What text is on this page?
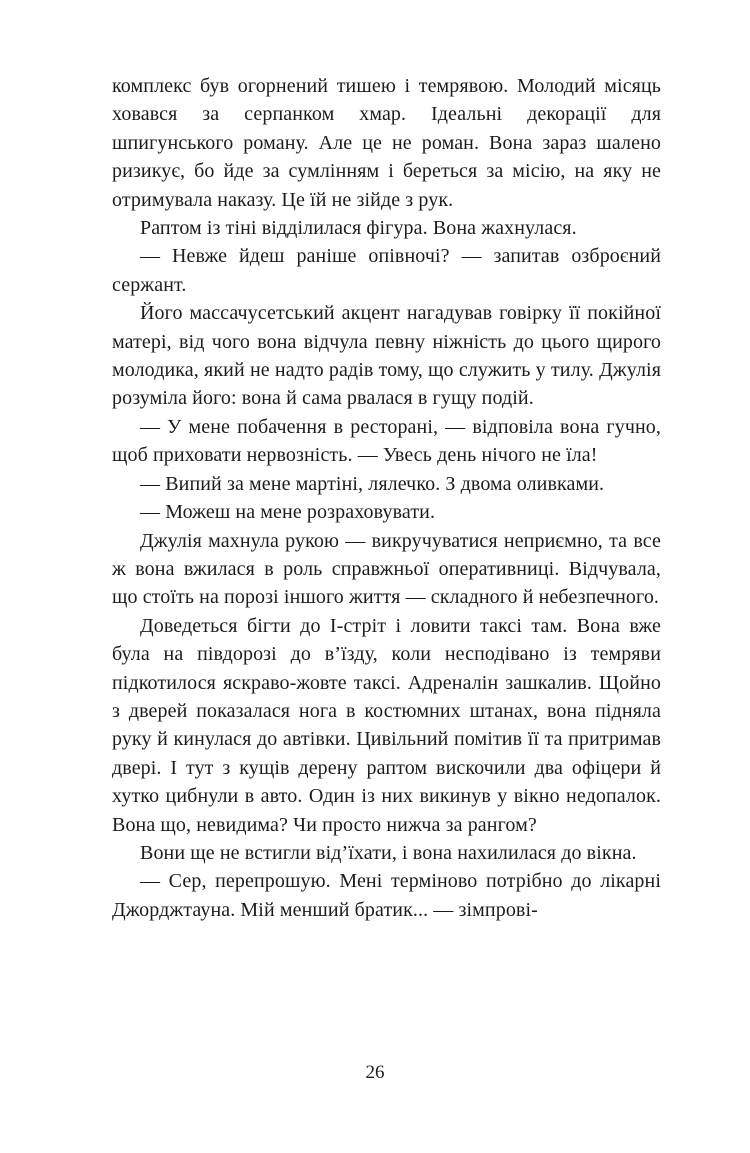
комплекс був огорнений тишею і темрявою. Молодий місяць ховався за серпанком хмар. Ідеальні декорації для шпигунського роману. Але це не роман. Вона зараз шалено ризикує, бо йде за сумлінням і береться за місію, на яку не отримувала наказу. Це їй не зійде з рук.

Раптом із тіні відділилася фігура. Вона жахнулася.

— Невже йдеш раніше опівночі? — запитав озброєний сержант.

Його массачусетський акцент нагадував говірку її покійної матері, від чого вона відчула певну ніжність до цього щирого молодика, який не надто радів тому, що служить у тилу. Джулія розуміла його: вона й сама рвалася в гущу подій.

— У мене побачення в ресторані, — відповіла вона гучно, щоб приховати нервозність. — Увесь день нічого не їла!

— Випий за мене мартіні, лялечко. З двома оливками.

— Можеш на мене розраховувати.

Джулія махнула рукою — викручуватися неприємно, та все ж вона вжилася в роль справжньої оперативниці. Відчувала, що стоїть на порозі іншого життя — складного й небезпечного.

Доведеться бігти до І-стріт і ловити таксі там. Вона вже була на півдорозі до в’їзду, коли несподівано із темряви підкотилося яскраво-жовте таксі. Адреналін зашкалив. Щойно з дверей показалася нога в костюмних штанах, вона підняла руку й кинулася до автівки. Цивільний помітив її та притримав двері. І тут з кущів дерену раптом вискочили два офіцери й хутко цибнули в авто. Один із них викинув у вікно недопалок. Вона що, невидима? Чи просто нижча за рангом?

Вони ще не встигли від’їхати, і вона нахилилася до вікна.

— Сер, перепрошую. Мені терміново потрібно до лікарні Джорджтауна. Мій менший братик... — зімпрові-

26
